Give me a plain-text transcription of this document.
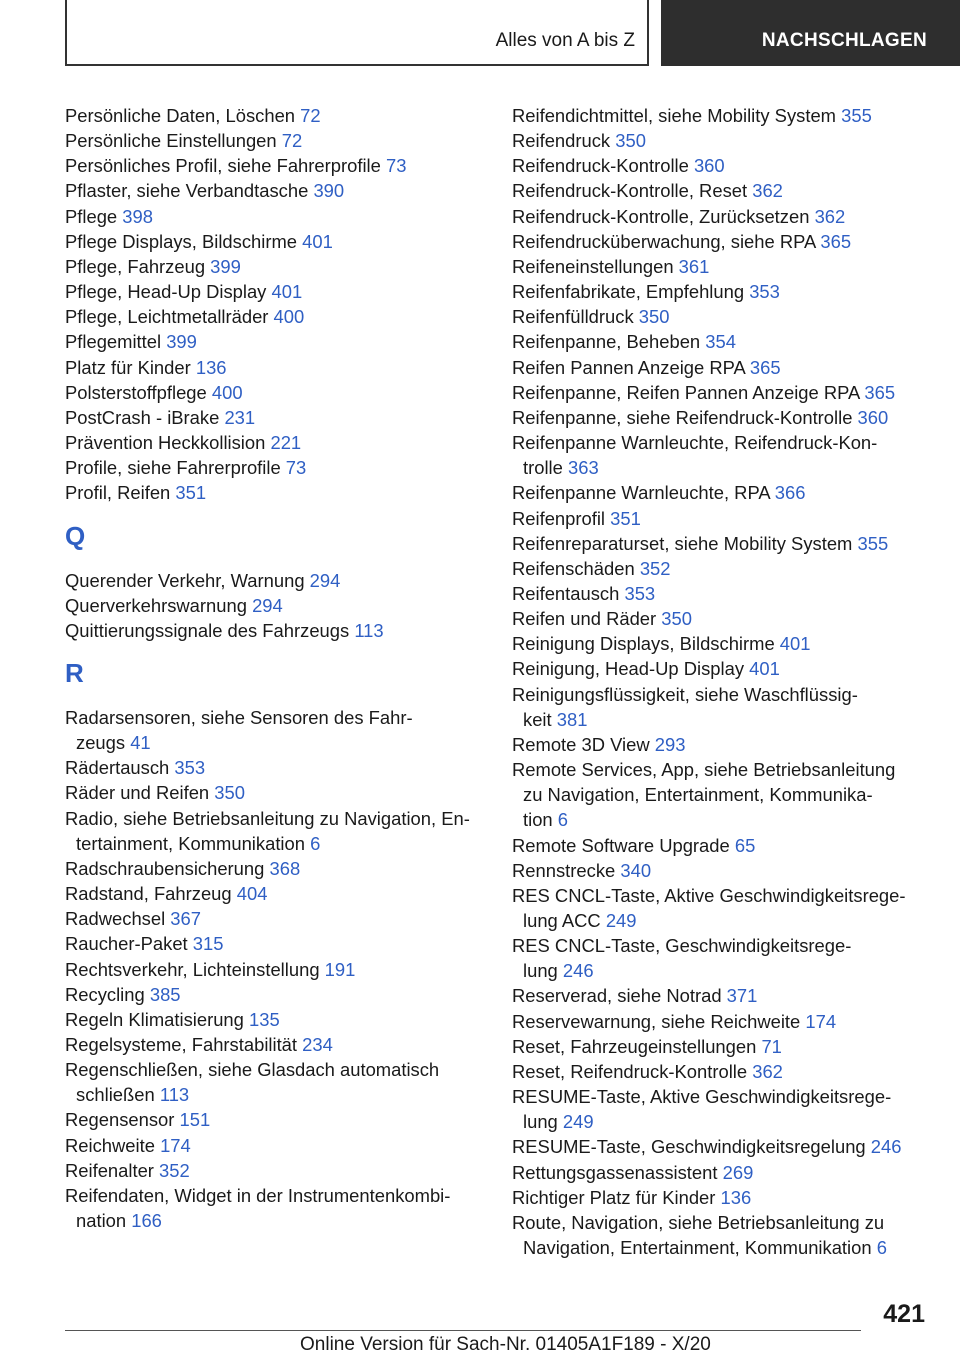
Alles von A bis Z	NACHSCHLAGEN
Persönliche Daten, Löschen 72
Persönliche Einstellungen 72
Persönliches Profil, siehe Fahrerprofile 73
Pflaster, siehe Verbandtasche 390
Pflege 398
Pflege Displays, Bildschirme 401
Pflege, Fahrzeug 399
Pflege, Head-Up Display 401
Pflege, Leichtmetallräder 400
Pflegemittel 399
Platz für Kinder 136
Polsterstoffpflege 400
PostCrash - iBrake 231
Prävention Heckkollision 221
Profile, siehe Fahrerprofile 73
Profil, Reifen 351
Q
Querender Verkehr, Warnung 294
Querverkehrswarnung 294
Quittierungssignale des Fahrzeugs 113
R
Radarsensoren, siehe Sensoren des Fahr-
zeugs 41
Rädertausch 353
Räder und Reifen 350
Radio, siehe Betriebsanleitung zu Navigation, En-
tertainment, Kommunikation 6
Radschraubensicherung 368
Radstand, Fahrzeug 404
Radwechsel 367
Raucher-Paket 315
Rechtsverkehr, Lichteinstellung 191
Recycling 385
Regeln Klimatisierung 135
Regelsysteme, Fahrstabilität 234
Regenschließen, siehe Glasdach automatisch
schließen 113
Regensensor 151
Reichweite 174
Reifenalter 352
Reifendaten, Widget in der Instrumentenkombi-
nation 166
Reifendichtmittel, siehe Mobility System 355
Reifendruck 350
Reifendruck-Kontrolle 360
Reifendruck-Kontrolle, Reset 362
Reifendruck-Kontrolle, Zurücksetzen 362
Reifendrucküberwachung, siehe RPA 365
Reifeneinstellungen 361
Reifenfabrikate, Empfehlung 353
Reifenfülldruck 350
Reifenpanne, Beheben 354
Reifen Pannen Anzeige RPA 365
Reifenpanne, Reifen Pannen Anzeige RPA 365
Reifenpanne, siehe Reifendruck-Kontrolle 360
Reifenpanne Warnleuchte, Reifendruck-Kon-
trolle 363
Reifenpanne Warnleuchte, RPA 366
Reifenprofil 351
Reifenreparaturset, siehe Mobility System 355
Reifenschäden 352
Reifentausch 353
Reifen und Räder 350
Reinigung Displays, Bildschirme 401
Reinigung, Head-Up Display 401
Reinigungsflüssigkeit, siehe Waschflüssig-
keit 381
Remote 3D View 293
Remote Services, App, siehe Betriebsanleitung
zu Navigation, Entertainment, Kommunika-
tion 6
Remote Software Upgrade 65
Rennstrecke 340
RES CNCL-Taste, Aktive Geschwindigkeitsrege-
lung ACC 249
RES CNCL-Taste, Geschwindigkeitsrege-
lung 246
Reserverad, siehe Notrad 371
Reservewarnung, siehe Reichweite 174
Reset, Fahrzeugeinstellungen 71
Reset, Reifendruck-Kontrolle 362
RESUME-Taste, Aktive Geschwindigkeitsrege-
lung 249
RESUME-Taste, Geschwindigkeitsregelung 246
Rettungsgassenassistent 269
Richtiger Platz für Kinder 136
Route, Navigation, siehe Betriebsanleitung zu
Navigation, Entertainment, Kommunikation 6
421
Online Version für Sach-Nr. 01405A1F189 - X/20
